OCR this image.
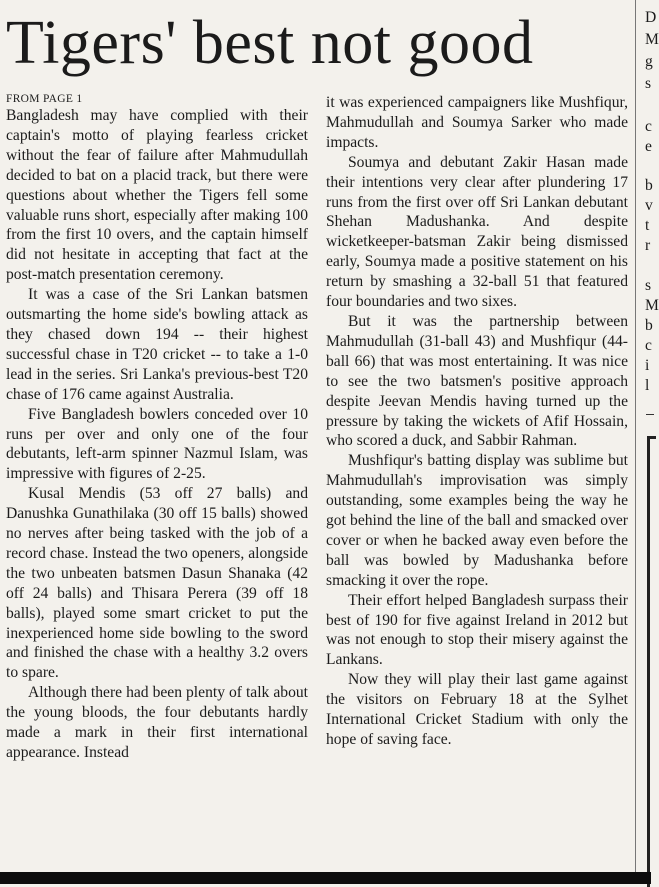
Tigers' best not good

FROM PAGE 1

Bangladesh may have complied with their captain's motto of playing fearless cricket without the fear of failure after Mahmudullah decided to bat on a placid track, but there were questions about whether the Tigers fell some valuable runs short, especially after making 100 from the first 10 overs, and the captain himself did not hesitate in accepting that fact at the post-match presentation ceremony.

It was a case of the Sri Lankan batsmen outsmarting the home side's bowling attack as they chased down 194 -- their highest successful chase in T20 cricket -- to take a 1-0 lead in the series. Sri Lanka's previous-best T20 chase of 176 came against Australia.

Five Bangladesh bowlers conceded over 10 runs per over and only one of the four debutants, left-arm spinner Nazmul Islam, was impressive with figures of 2-25.

Kusal Mendis (53 off 27 balls) and Danushka Gunathilaka (30 off 15 balls) showed no nerves after being tasked with the job of a record chase. Instead the two openers, alongside the two unbeaten batsmen Dasun Shanaka (42 off 24 balls) and Thisara Perera (39 off 18 balls), played some smart cricket to put the inexperienced home side bowling to the sword and finished the chase with a healthy 3.2 overs to spare.

Although there had been plenty of talk about the young bloods, the four debutants hardly made a mark in their first international appearance. Instead

it was experienced campaigners like Mushfiqur, Mahmudullah and Soumya Sarker who made impacts.

Soumya and debutant Zakir Hasan made their intentions very clear after plundering 17 runs from the first over off Sri Lankan debutant Shehan Madushanka. And despite wicketkeeper-batsman Zakir being dismissed early, Soumya made a positive statement on his return by smashing a 32-ball 51 that featured four boundaries and two sixes.

But it was the partnership between Mahmudullah (31-ball 43) and Mushfiqur (44-ball 66) that was most entertaining. It was nice to see the two batsmen's positive approach despite Jeevan Mendis having turned up the pressure by taking the wickets of Afif Hossain, who scored a duck, and Sabbir Rahman.

Mushfiqur's batting display was sublime but Mahmudullah's improvisation was simply outstanding, some examples being the way he got behind the line of the ball and smacked over cover or when he backed away even before the ball was bowled by Madushanka before smacking it over the rope.

Their effort helped Bangladesh surpass their best of 190 for five against Ireland in 2012 but was not enough to stop their misery against the Lankans.

Now they will play their last game against the visitors on February 18 at the Sylhet International Cricket Stadium with only the hope of saving face.

D
M
g
s
c
e
b
v
t
r
s
M
b
c
i
l
